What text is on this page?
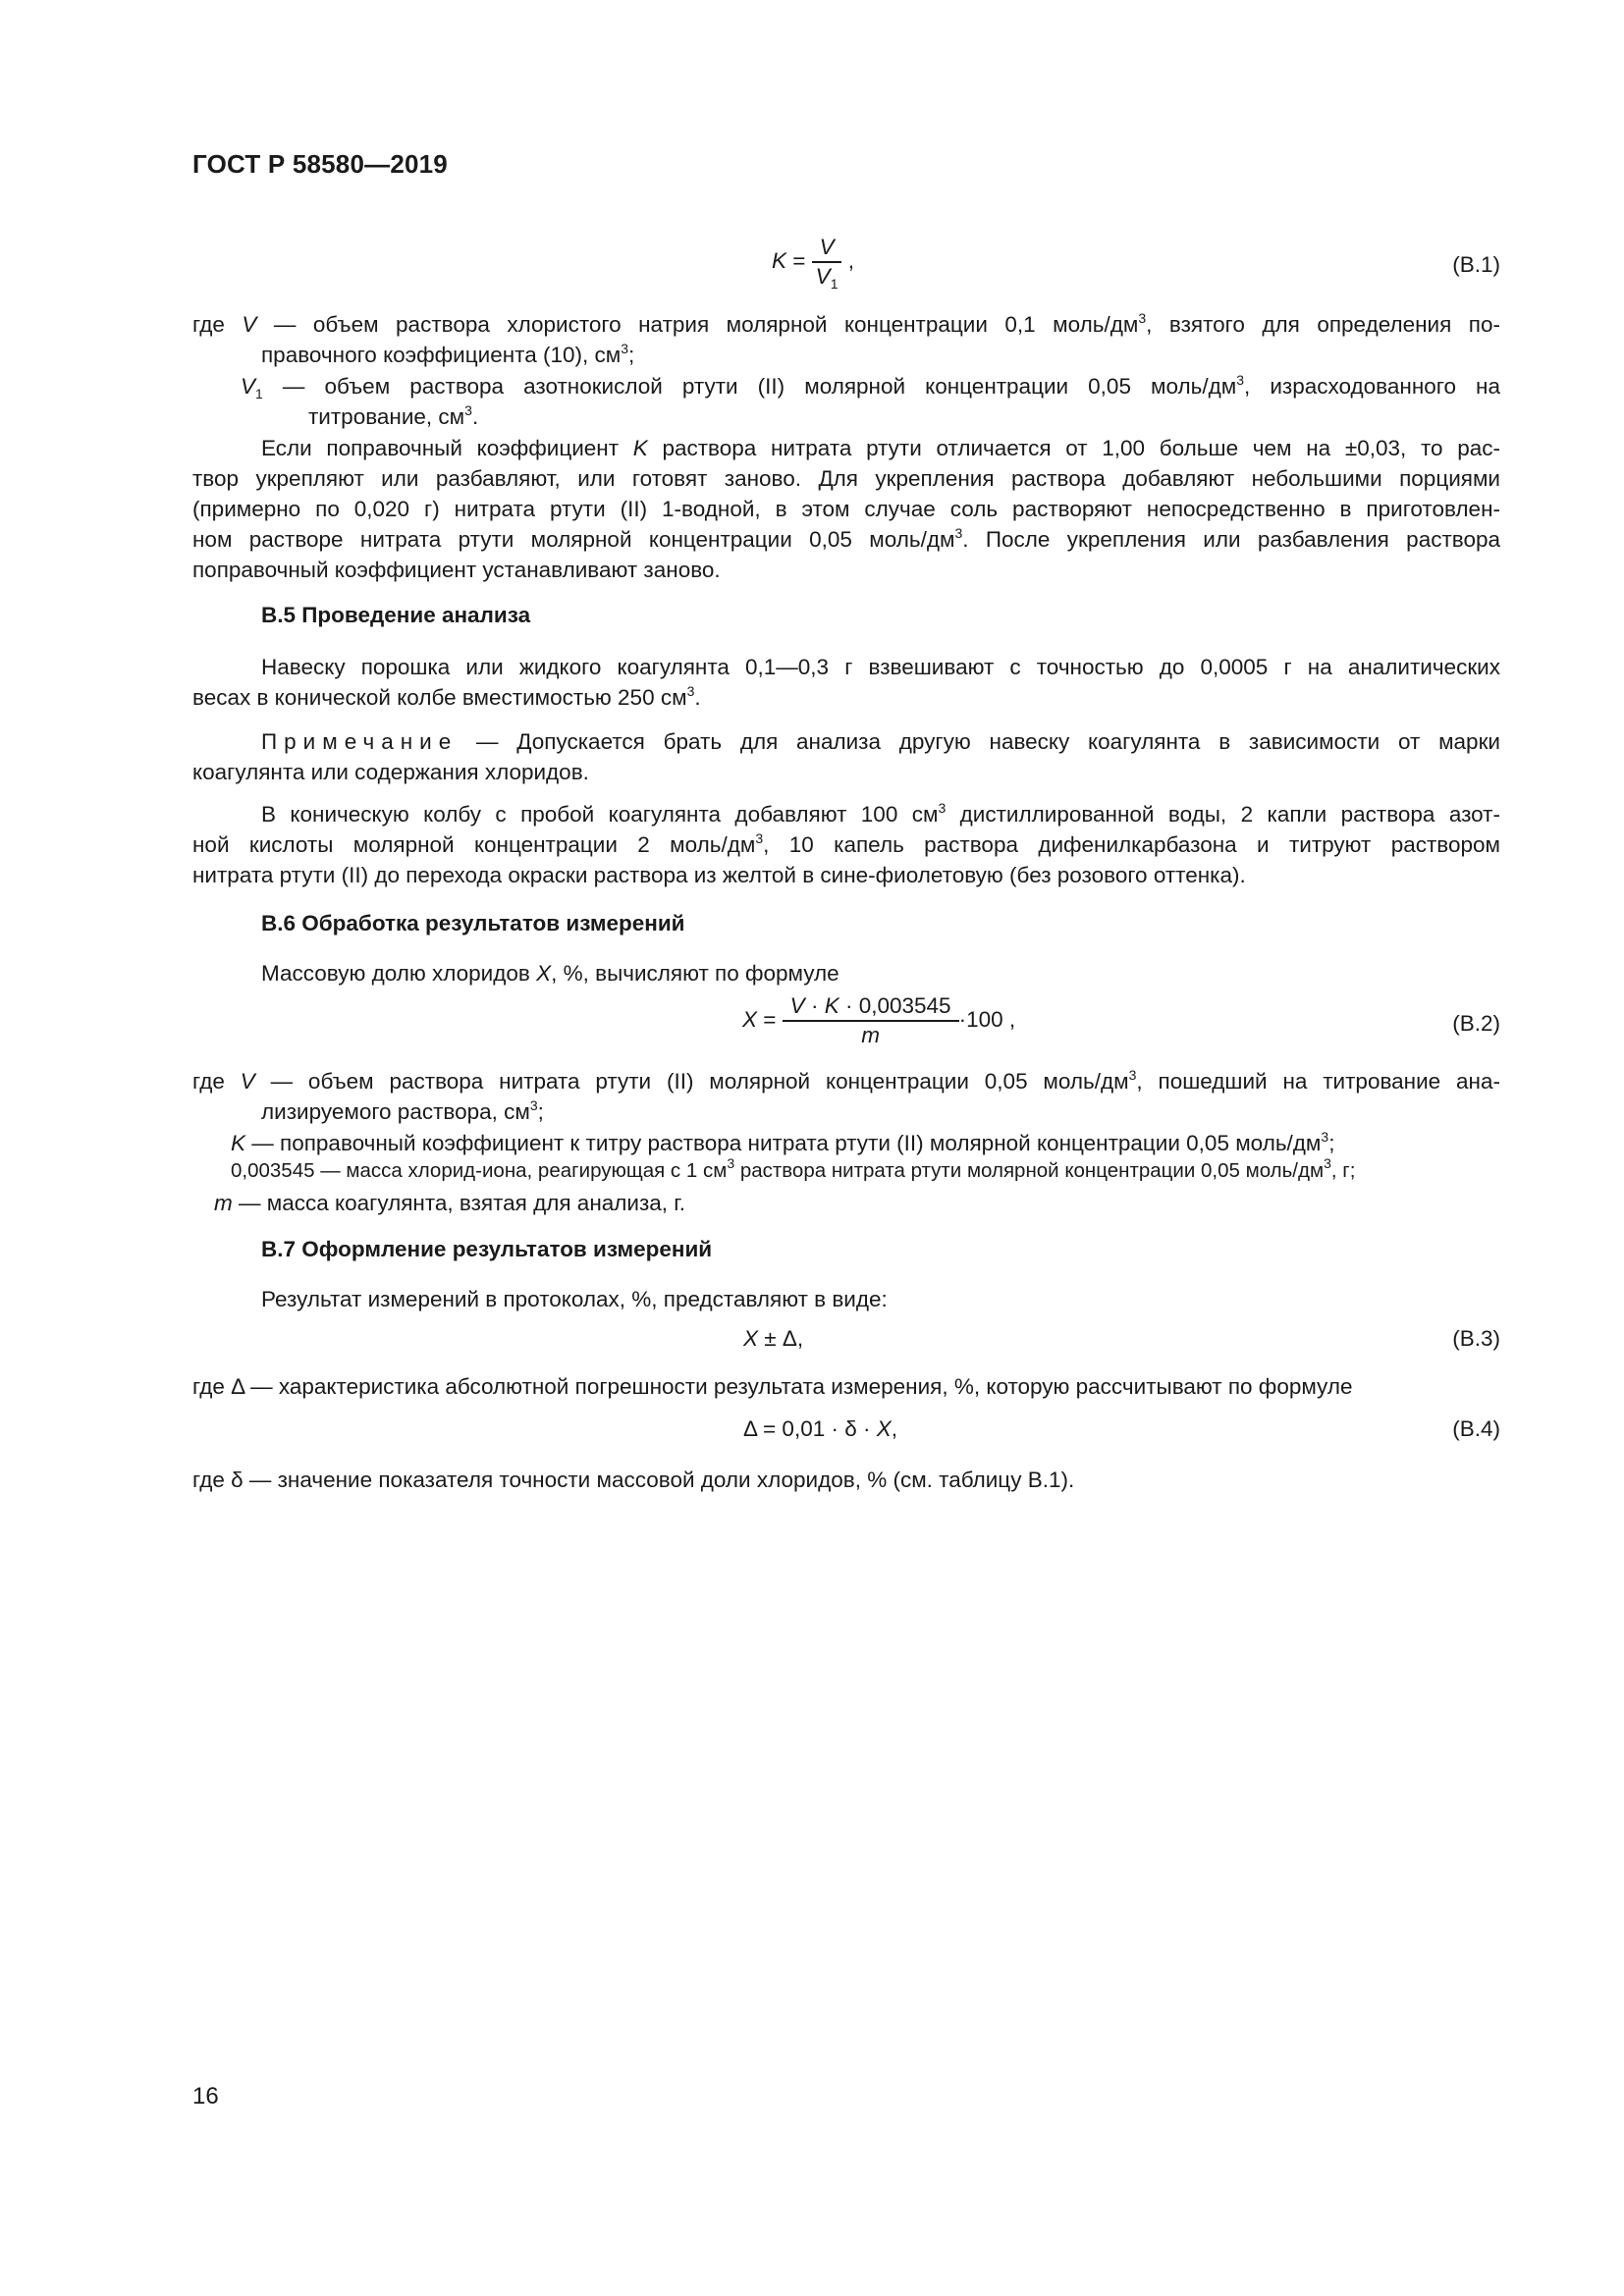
ГОСТ Р 58580—2019
$K = \frac{V}{V_1}$ ,	(В.1)
где V — объем раствора хлористого натрия молярной концентрации 0,1 моль/$дм^3$, взятого для определения по-
правочного коэффициента (10), $см^3$;
$V_1$ — объем раствора азотнокислой ртути (II) молярной концентрации 0,05 моль/$дм^3$, израсходованного на
титрование, $см^3$.
Если поправочный коэффициент K раствора нитрата ртути отличается от 1,00 больше чем на ±0,03, то рас-
твор укрепляют или разбавляют, или готовят заново. Для укрепления раствора добавляют небольшими порциями
(примерно по 0,020 г) нитрата ртути (II) 1-водной, в этом случае соль растворяют непосредственно в приготовлен-
ном растворе нитрата ртути молярной концентрации 0,05 моль/$дм^3$. После укрепления или разбавления раствора
поправочный коэффициент устанавливают заново.
В.5 Проведение анализа
Навеску порошка или жидкого коагулянта 0,1—0,3 г взвешивают с точностью до 0,0005 г на аналитических
весах в конической колбе вместимостью 250 $см^3$.
Примечание — Допускается брать для анализа другую навеску коагулянта в зависимости от марки
коагулянта или содержания хлоридов.
В коническую колбу с пробой коагулянта добавляют 100 $см^3$ дистиллированной воды, 2 капли раствора азот-
ной кислоты молярной концентрации 2 моль/$дм^3$, 10 капель раствора дифенилкарбазона и титруют раствором
нитрата ртути (II) до перехода окраски раствора из желтой в сине-фиолетовую (без розового оттенка).
В.6 Обработка результатов измерений
Массовую долю хлоридов X, %, вычисляют по формуле
$X = \frac{V \cdot K \cdot 0,003545}{m} \cdot 100$ ,	(В.2)
где V — объем раствора нитрата ртути (II) молярной концентрации 0,05 моль/$дм^3$, пошедший на титрование ана-
лизируемого раствора, $см^3$;
K — поправочный коэффициент к титру раствора нитрата ртути (II) молярной концентрации 0,05 моль/$дм^3$;
0,003545 — масса хлорид-иона, реагирующая с 1 $см^3$ раствора нитрата ртути молярной концентрации 0,05 моль/$дм^3$, г;
m — масса коагулянта, взятая для анализа, г.
В.7 Оформление результатов измерений
Результат измерений в протоколах, %, представляют в виде:
X ± Δ,	(В.3)
где Δ — характеристика абсолютной погрешности результата измерения, %, которую рассчитывают по формуле
Δ = 0,01 · δ · X,	(В.4)
где δ — значение показателя точности массовой доли хлоридов, % (см. таблицу В.1).
16
